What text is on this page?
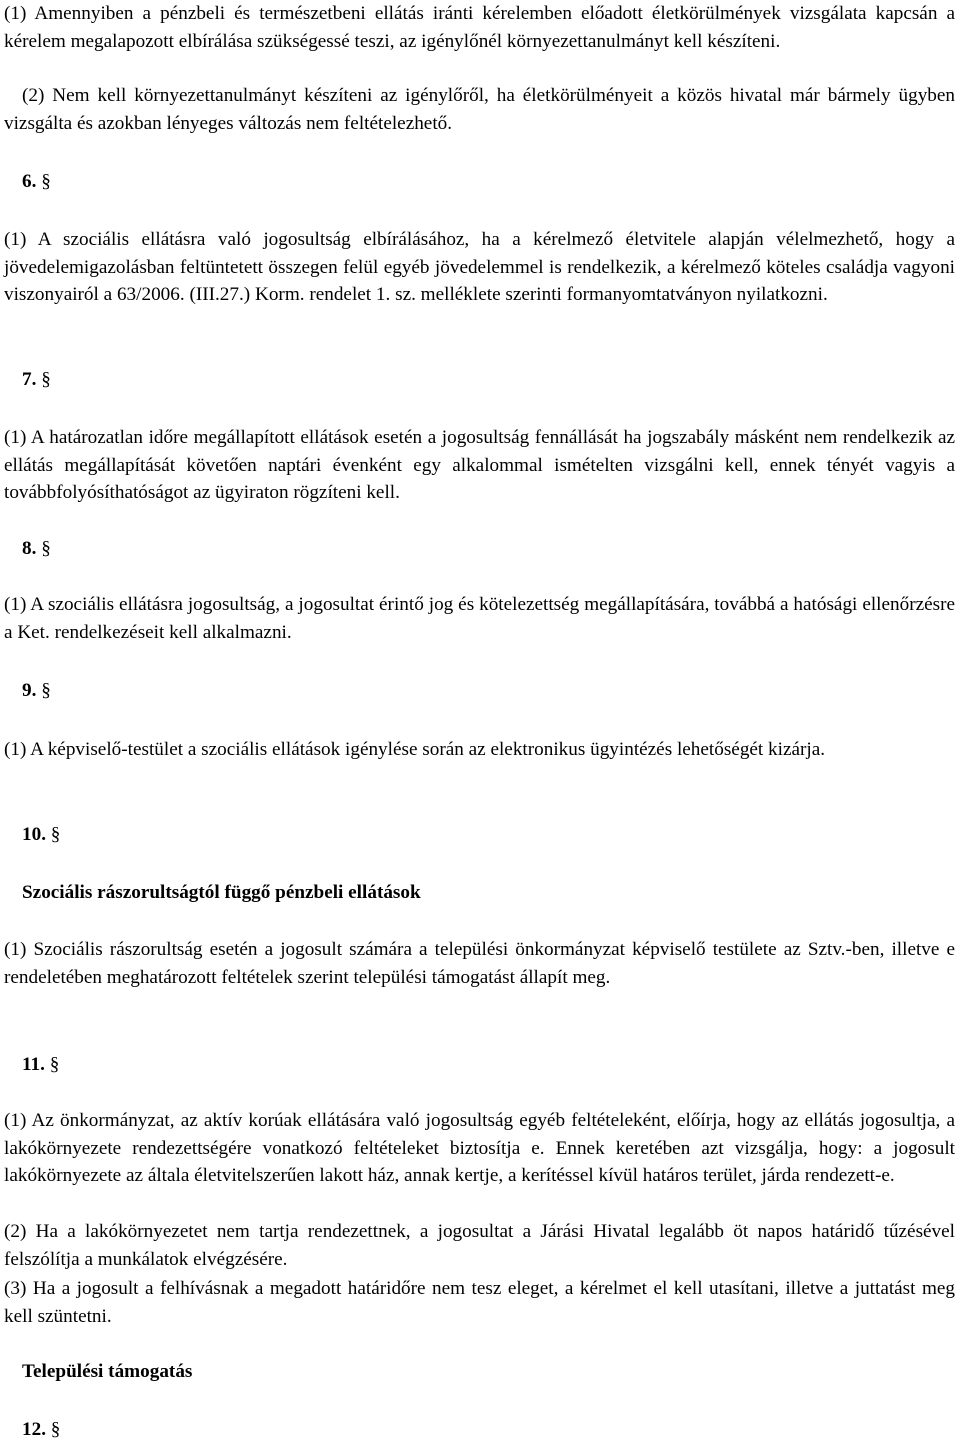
(1) Amennyiben a pénzbeli és természetbeni ellátás iránti kérelemben előadott életkörülmények vizsgálata kapcsán a kérelem megalapozott elbírálása szükségessé teszi, az igénylőnél környezettanulmányt kell készíteni.

(2) Nem kell környezettanulmányt készíteni az igénylőről, ha életkörülményeit a közös hivatal már bármely ügyben vizsgálta és azokban lényeges változás nem feltételezhető.

6. §

(1) A szociális ellátásra való jogosultság elbírálásához, ha a kérelmező életvitele alapján vélelmezhető, hogy a jövedelemigazolásban feltüntetett összegen felül egyéb jövedelemmel is rendelkezik, a kérelmező köteles családja vagyoni viszonyairól a 63/2006. (III.27.) Korm. rendelet 1. sz. melléklete szerinti formanyomtatványon nyilatkozni.

7. §

(1) A határozatlan időre megállapított ellátások esetén a jogosultság fennállását ha jogszabály másként nem rendelkezik az ellátás megállapítását követően naptári évenként egy alkalommal ismételten vizsgálni kell, ennek tényét vagyis a továbbfolyósíthatóságot az ügyiraton rögzíteni kell.

8. §

(1) A szociális ellátásra jogosultság, a jogosultat érintő jog és kötelezettség megállapítására, továbbá a hatósági ellenőrzésre a Ket. rendelkezéseit kell alkalmazni.

9. §

(1) A képviselő-testület a szociális ellátások igénylése során az elektronikus ügyintézés lehetőségét kizárja.

10. §
Szociális rászorultságtól függő pénzbeli ellátások

(1) Szociális rászorultság esetén a jogosult számára a települési önkormányzat képviselő testülete az Sztv.-ben, illetve e rendeletében meghatározott feltételek szerint települési támogatást állapít meg.

11. §

(1) Az önkormányzat, az aktív korúak ellátására való jogosultság egyéb feltételeként, előírja, hogy az ellátás jogosultja, a lakókörnyezete rendezettségére vonatkozó feltételeket biztosítja e. Ennek keretében azt vizsgálja, hogy: a jogosult lakókörnyezete az általa életvitelszerűen lakott ház, annak kertje, a kerítéssel kívül határos terület, járda rendezett-e.

(2) Ha a lakókörnyezetet nem tartja rendezettnek, a jogosultat a Járási Hivatal legalább öt napos határidő tűzésével felszólítja a munkálatok elvégzésére.

(3) Ha a jogosult a felhívásnak a megadott határidőre nem tesz eleget, a kérelmet el kell utasítani, illetve a juttatást meg kell szüntetni.

Települési támogatás
12. §
